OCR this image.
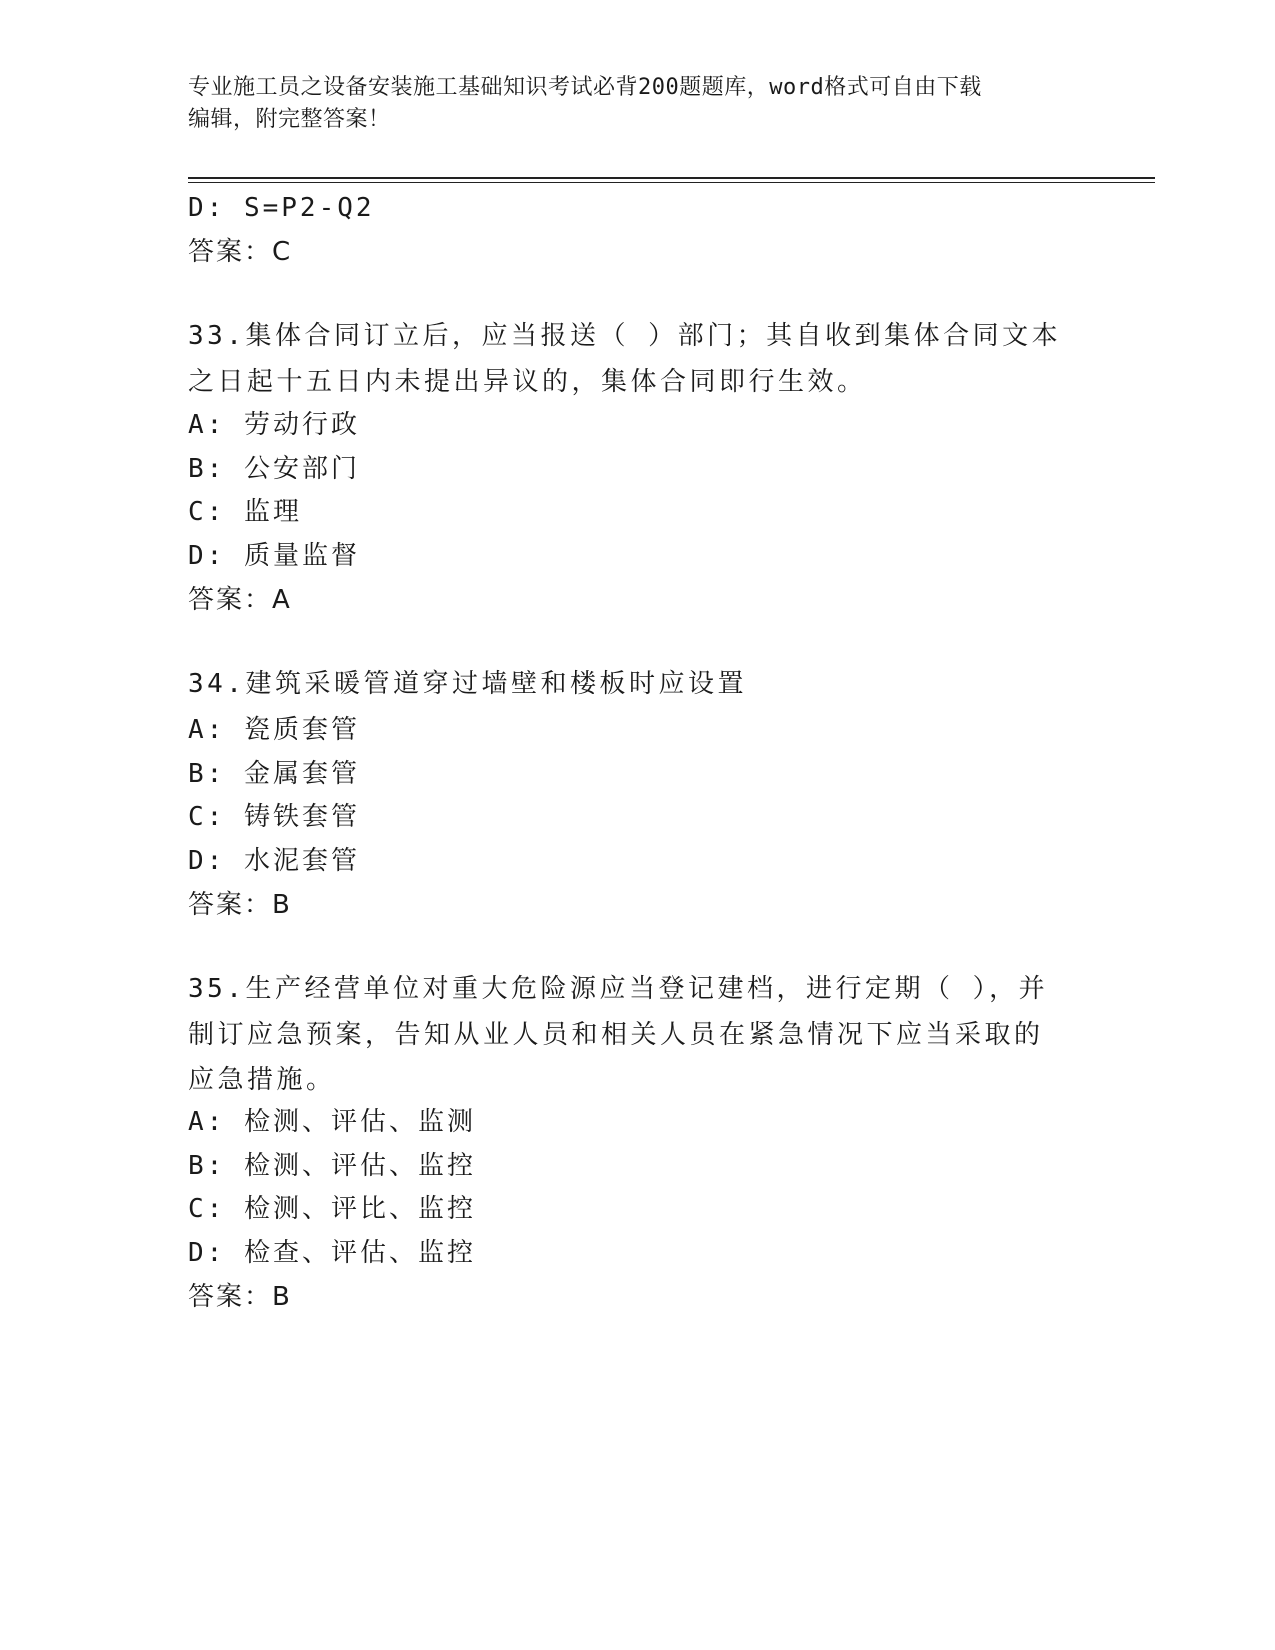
专业施工员之设备安装施工基础知识考试必背200题题库，word格式可自由下载
编辑，附完整答案！
D: S=P2-Q2
答案：C
33.集体合同订立后，应当报送（ ）部门；其自收到集体合同文本之日起十五日内未提出异议的，集体合同即行生效。
A: 劳动行政
B: 公安部门
C: 监理
D: 质量监督
答案：A
34.建筑采暖管道穿过墙壁和楼板时应设置
A: 瓷质套管
B: 金属套管
C: 铸铁套管
D: 水泥套管
答案：B
35.生产经营单位对重大危险源应当登记建档，进行定期（ ），并制订应急预案，告知从业人员和相关人员在紧急情况下应当采取的应急措施。
A: 检测、评估、监测
B: 检测、评估、监控
C: 检测、评比、监控
D: 检查、评估、监控
答案：B
